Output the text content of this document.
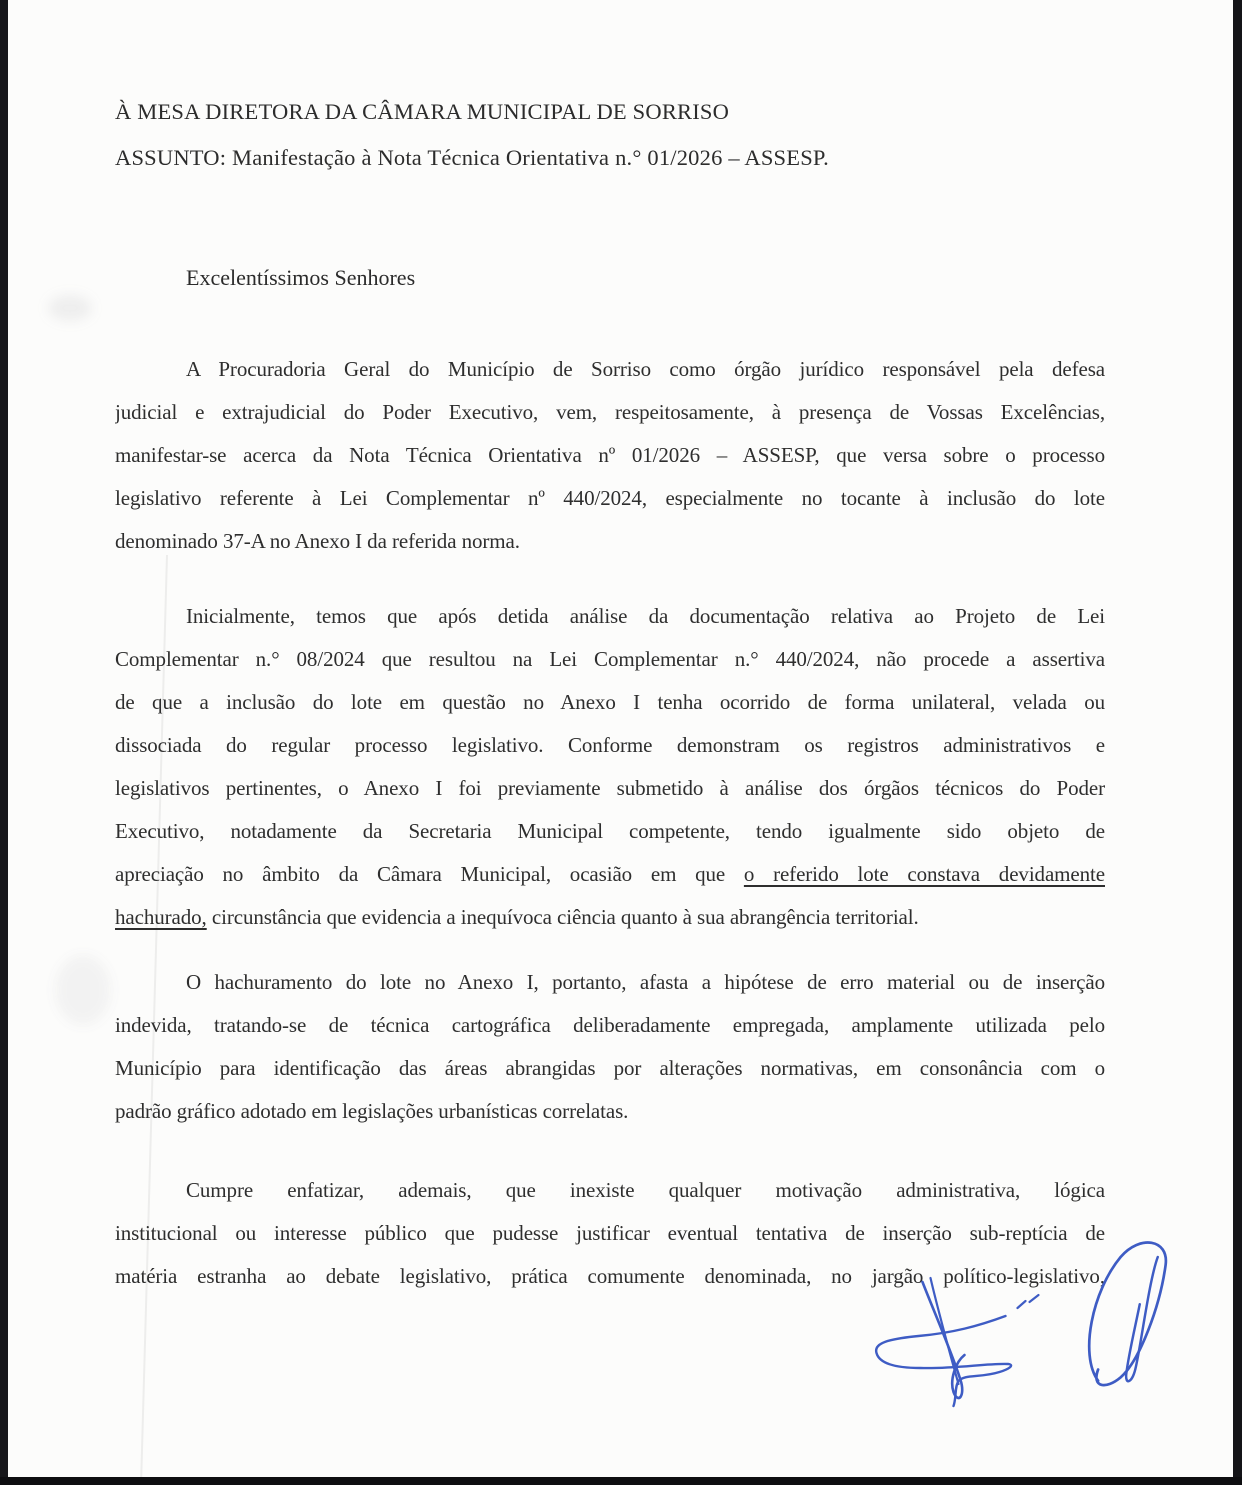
À MESA DIRETORA DA CÂMARA MUNICIPAL DE SORRISO
ASSUNTO: Manifestação à Nota Técnica Orientativa n.° 01/2026 – ASSESP.
Excelentíssimos Senhores
A Procuradoria Geral do Município de Sorriso como órgão jurídico responsável pela defesa
judicial e extrajudicial do Poder Executivo, vem, respeitosamente, à presença de Vossas Excelências,
manifestar-se acerca da Nota Técnica Orientativa nº 01/2026 – ASSESP, que versa sobre o processo
legislativo referente à Lei Complementar nº 440/2024, especialmente no tocante à inclusão do lote
denominado 37-A no Anexo I da referida norma.
Inicialmente, temos que após detida análise da documentação relativa ao Projeto de Lei
Complementar n.° 08/2024 que resultou na Lei Complementar n.° 440/2024, não procede a assertiva
de que a inclusão do lote em questão no Anexo I tenha ocorrido de forma unilateral, velada ou
dissociada do regular processo legislativo. Conforme demonstram os registros administrativos e
legislativos pertinentes, o Anexo I foi previamente submetido à análise dos órgãos técnicos do Poder
Executivo, notadamente da Secretaria Municipal competente, tendo igualmente sido objeto de
apreciação no âmbito da Câmara Municipal, ocasião em que o referido lote constava devidamente
hachurado, circunstância que evidencia a inequívoca ciência quanto à sua abrangência territorial.
O hachuramento do lote no Anexo I, portanto, afasta a hipótese de erro material ou de inserção
indevida, tratando-se de técnica cartográfica deliberadamente empregada, amplamente utilizada pelo
Município para identificação das áreas abrangidas por alterações normativas, em consonância com o
padrão gráfico adotado em legislações urbanísticas correlatas.
Cumpre enfatizar, ademais, que inexiste qualquer motivação administrativa, lógica
institucional ou interesse público que pudesse justificar eventual tentativa de inserção sub-reptícia de
matéria estranha ao debate legislativo, prática comumente denominada, no jargão político-legislativo,
